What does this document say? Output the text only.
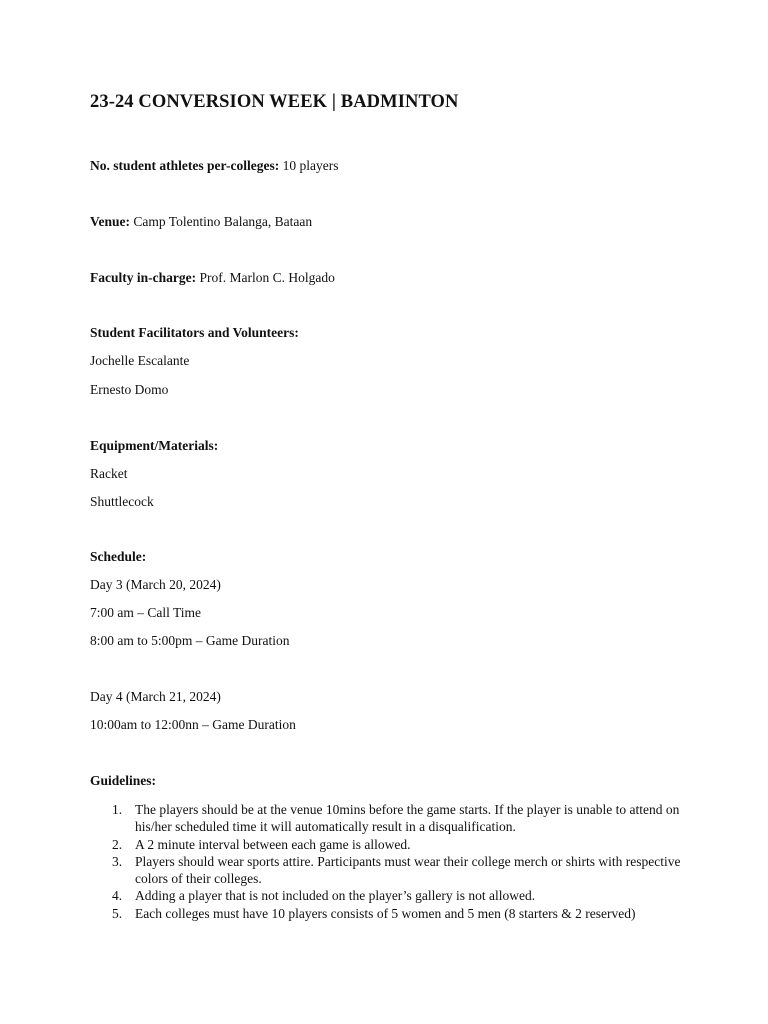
23-24 CONVERSION WEEK | BADMINTON
No. student athletes per-colleges: 10 players
Venue: Camp Tolentino Balanga, Bataan
Faculty in-charge: Prof. Marlon C. Holgado
Student Facilitators and Volunteers:
Jochelle Escalante
Ernesto Domo
Equipment/Materials:
Racket
Shuttlecock
Schedule:
Day 3 (March 20, 2024)
7:00 am – Call Time
8:00 am to 5:00pm – Game Duration
Day 4 (March 21, 2024)
10:00am to 12:00nn – Game Duration
Guidelines:
1. The players should be at the venue 10mins before the game starts. If the player is unable to attend on his/her scheduled time it will automatically result in a disqualification.
2. A 2 minute interval between each game is allowed.
3. Players should wear sports attire. Participants must wear their college merch or shirts with respective colors of their colleges.
4. Adding a player that is not included on the player’s gallery is not allowed.
5. Each colleges must have 10 players consists of 5 women and 5 men (8 starters & 2 reserved)
